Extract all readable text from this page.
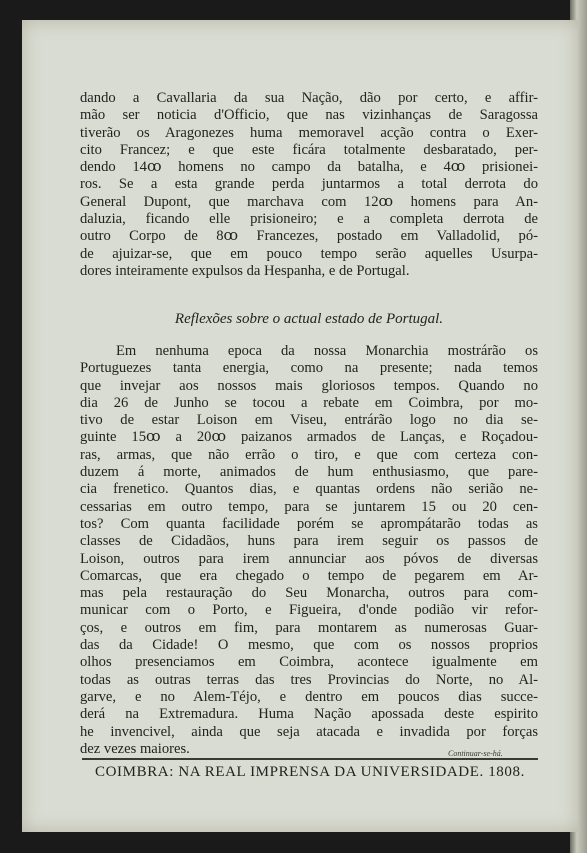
dando a Cavallaria da sua Nação, dão por certo, e affir-
mão ser noticia d'Officio, que nas vizinhanças de Saragossa
tiverão os Aragonezes huma memoravel acção contra o Exer-
cito Francez; e que este ficára totalmente desbaratado, per-
dendo 14ꝏ homens no campo da batalha, e 4ꝏ prisionei-
ros. Se a esta grande perda juntarmos a total derrota do
General Dupont, que marchava com 12ꝏ homens para An-
daluzia, ficando elle prisioneiro; e a completa derrota de
outro Corpo de 8ꝏ Francezes, postado em Valladolid, pó-
de ajuizar-se, que em pouco tempo serão aquelles Usurpa-
dores inteiramente expulsos da Hespanha, e de Portugal.
Reflexões sobre o actual estado de Portugal.
Em nenhuma epoca da nossa Monarchia mostrárão os
Portuguezes tanta energia, como na presente; nada temos
que invejar aos nossos mais gloriosos tempos. Quando no
dia 26 de Junho se tocou a rebate em Coimbra, por mo-
tivo de estar Loison em Viseu, entrárão logo no dia se-
guinte 15ꝏ a 20ꝏ paizanos armados de Lanças, e Roçadou-
ras, armas, que não errão o tiro, e que com certeza con-
duzem á morte, animados de hum enthusiasmo, que pare-
cia frenetico. Quantos dias, e quantas ordens não serião ne-
cessarias em outro tempo, para se juntarem 15 ou 20 cen-
tos? Com quanta facilidade porém se aprompátarão todas as
classes de Cidadãos, huns para irem seguir os passos de
Loison, outros para irem annunciar aos póvos de diversas
Comarcas, que era chegado o tempo de pegarem em Ar-
mas pela restauração do Seu Monarcha, outros para com-
municar com o Porto, e Figueira, d'onde podião vir refor-
ços, e outros em fim, para montarem as numerosas Guar-
das da Cidade! O mesmo, que com os nossos proprios
olhos presenciamos em Coimbra, acontece igualmente em
todas as outras terras das tres Provincias do Norte, no Al-
garve, e no Alem-Téjo, e dentro em poucos dias succe-
derá na Extremadura. Huma Nação apossada deste espirito
he invencivel, ainda que seja atacada e invadida por forças
dez vezes maiores.	Continuar-se-há.
COIMBRA: NA REAL IMPRENSA DA UNIVERSIDADE. 1808.
